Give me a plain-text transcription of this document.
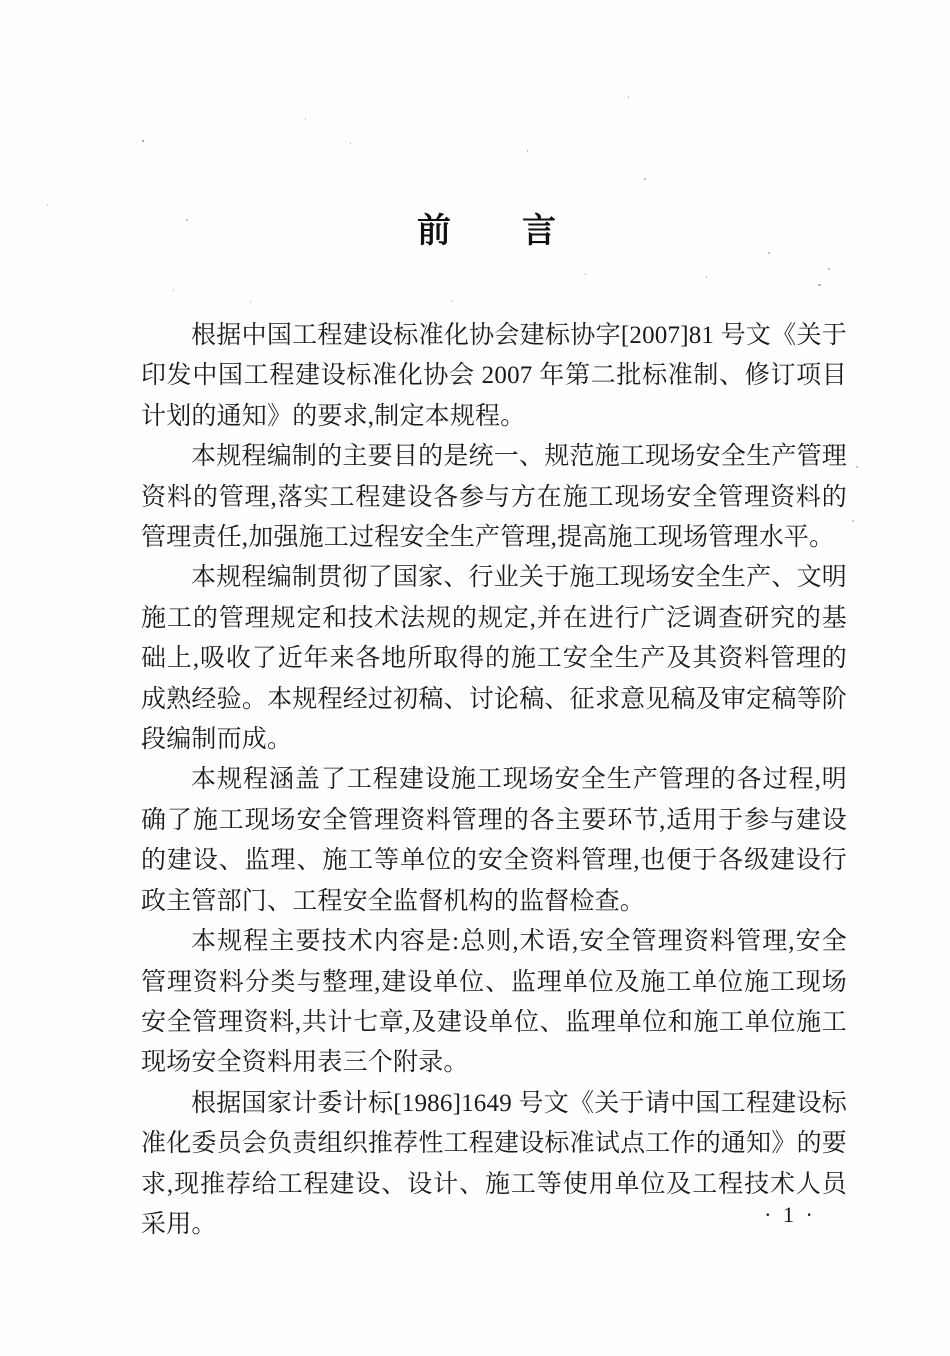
前　　言

根据中国工程建设标准化协会建标协字[2007]81 号文《关于印发中国工程建设标准化协会 2007 年第二批标准制、修订项目计划的通知》的要求,制定本规程。

本规程编制的主要目的是统一、规范施工现场安全生产管理资料的管理,落实工程建设各参与方在施工现场安全管理资料的管理责任,加强施工过程安全生产管理,提高施工现场管理水平。

本规程编制贯彻了国家、行业关于施工现场安全生产、文明施工的管理规定和技术法规的规定,并在进行广泛调查研究的基础上,吸收了近年来各地所取得的施工安全生产及其资料管理的成熟经验。本规程经过初稿、讨论稿、征求意见稿及审定稿等阶段编制而成。

本规程涵盖了工程建设施工现场安全生产管理的各过程,明确了施工现场安全管理资料管理的各主要环节,适用于参与建设的建设、监理、施工等单位的安全资料管理,也便于各级建设行政主管部门、工程安全监督机构的监督检查。

本规程主要技术内容是:总则,术语,安全管理资料管理,安全管理资料分类与整理,建设单位、监理单位及施工单位施工现场安全管理资料,共计七章,及建设单位、监理单位和施工单位施工现场安全资料用表三个附录。

根据国家计委计标[1986]1649 号文《关于请中国工程建设标准化委员会负责组织推荐性工程建设标准试点工作的通知》的要求,现推荐给工程建设、设计、施工等使用单位及工程技术人员采用。	· 1 ·
